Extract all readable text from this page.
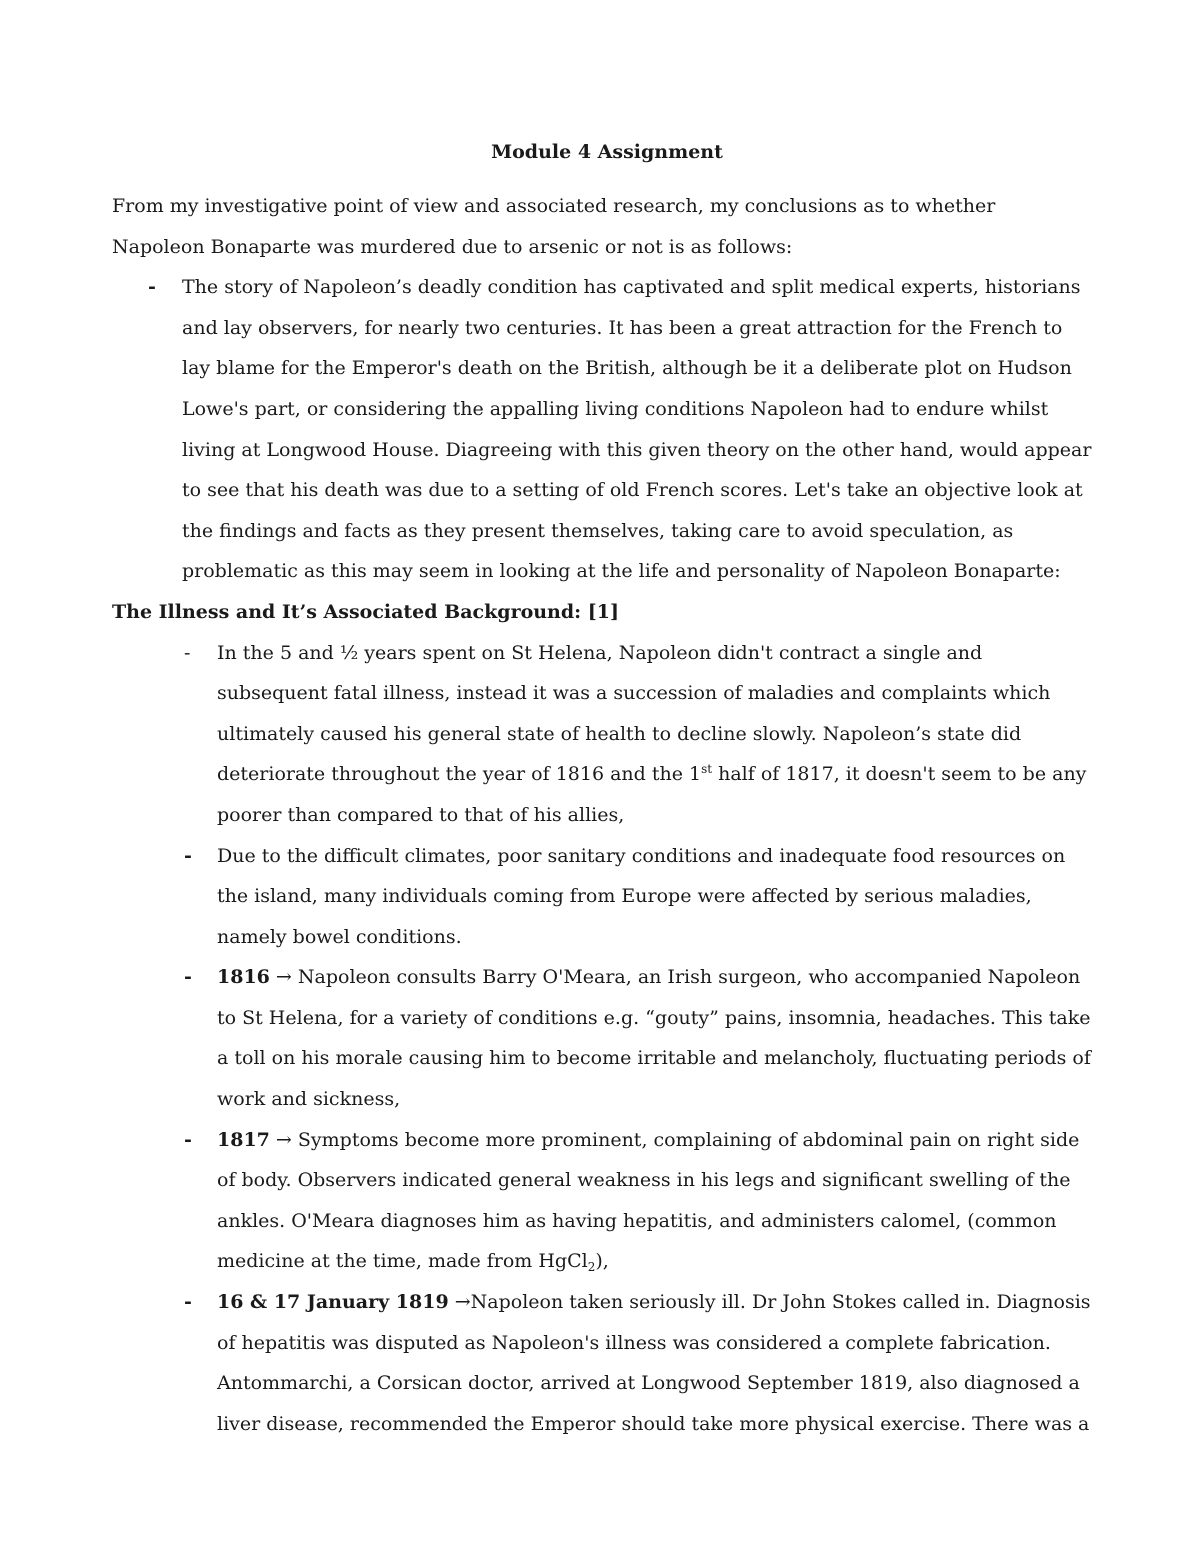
Module 4 Assignment

From my investigative point of view and associated research, my conclusions as to whether Napoleon Bonaparte was murdered due to arsenic or not is as follows:

- The story of Napoleon’s deadly condition has captivated and split medical experts, historians and lay observers, for nearly two centuries. It has been a great attraction for the French to lay blame for the Emperor's death on the British, although be it a deliberate plot on Hudson Lowe's part, or considering the appalling living conditions Napoleon had to endure whilst living at Longwood House. Diagreeing with this given theory on the other hand, would appear to see that his death was due to a setting of old French scores. Let's take an objective look at the findings and facts as they present themselves, taking care to avoid speculation, as problematic as this may seem in looking at the life and personality of Napoleon Bonaparte:
The Illness and It’s Associated Background: [1]
- In the 5 and ½ years spent on St Helena, Napoleon didn't contract a single and subsequent fatal illness, instead it was a succession of maladies and complaints which ultimately caused his general state of health to decline slowly. Napoleon’s state did deteriorate throughout the year of 1816 and the 1st half of 1817, it doesn't seem to be any poorer than compared to that of his allies,
- Due to the difficult climates, poor sanitary conditions and inadequate food resources on the island, many individuals coming from Europe were affected by serious maladies, namely bowel conditions.
- 1816 → Napoleon consults Barry O'Meara, an Irish surgeon, who accompanied Napoleon to St Helena, for a variety of conditions e.g. “gouty” pains, insomnia, headaches. This take a toll on his morale causing him to become irritable and melancholy, fluctuating periods of work and sickness,
- 1817 → Symptoms become more prominent, complaining of abdominal pain on right side of body. Observers indicated general weakness in his legs and significant swelling of the ankles. O'Meara diagnoses him as having hepatitis, and administers calomel, (common medicine at the time, made from HgCl$_2$),
- 16 & 17 January 1819 →Napoleon taken seriously ill. Dr John Stokes called in. Diagnosis of hepatitis was disputed as Napoleon's illness was considered a complete fabrication. Antommarchi, a Corsican doctor, arrived at Longwood September 1819, also diagnosed a liver disease, recommended the Emperor should take more physical exercise. There was a
